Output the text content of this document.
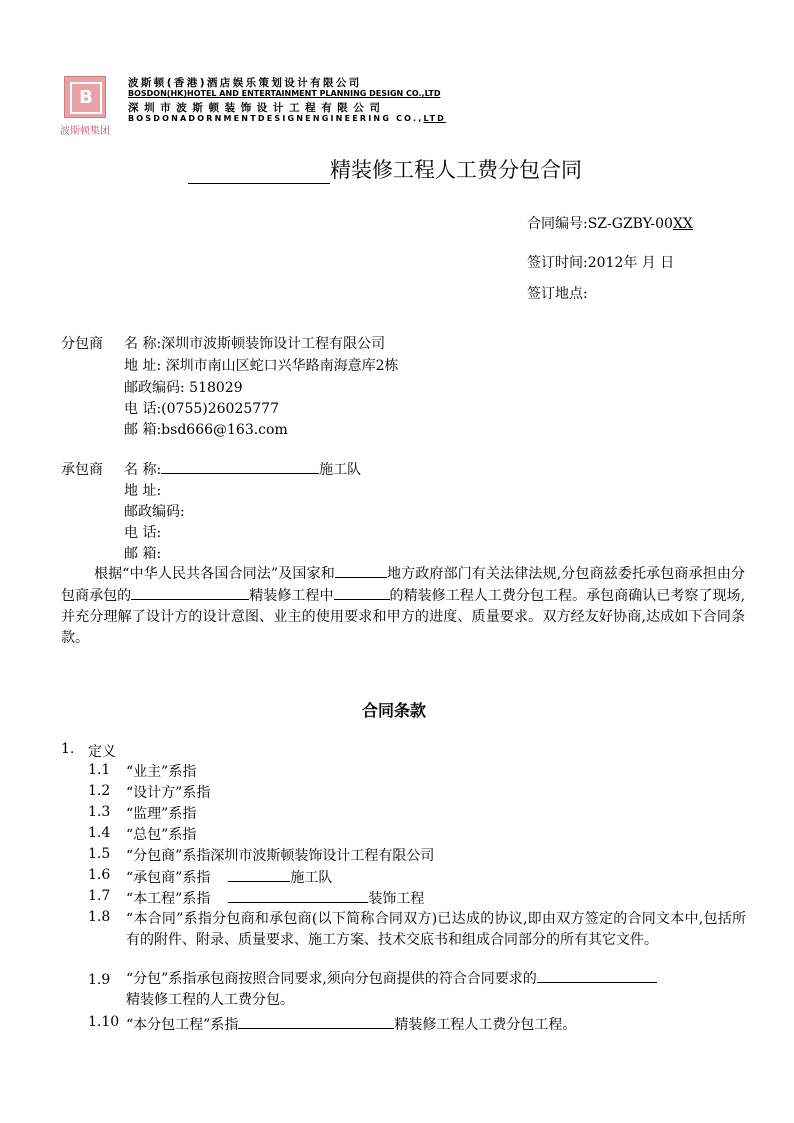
B
波斯顿集团
波斯顿(香港)酒店娱乐策划设计有限公司
BOSDON(HK)HOTEL AND ENTERTAINMENT PLANNING DESIGN CO.,LTD
深圳市波斯顿装饰设计工程有限公司
BOSDONADORNMENTDESIGNENGINEERING CO.,LTD
精装修工程人工费分包合同
合同编号:SZ-GZBY-00XX
签订时间:2012年 月 日
签订地点:
分包商 名 称:深圳市波斯顿装饰设计工程有限公司
地 址: 深圳市南山区蛇口兴华路南海意库2栋
邮政编码: 518029
电 话:(0755)26025777
邮 箱:bsd666@163.com
承包商 名 称:	施工队
地 址:
邮政编码:
电 话:
邮 箱:
根据“中华人民共各国合同法”及国家和	地方政府部门有关法律法规,分包商兹委托承包商承担由分包商承包的	精装修工程中	的精装修工程人工费分包工程。承包商确认已考察了现场,并充分理解了设计方的设计意图、业主的使用要求和甲方的进度、质量要求。双方经友好协商,达成如下合同条款。
合同条款
1. 定义
1.1 “业主”系指
1.2 “设计方”系指
1.3 “监理”系指
1.4 “总包”系指
1.5 “分包商”系指深圳市波斯顿装饰设计工程有限公司
1.6 “承包商”系指	施工队
1.7 “本工程”系指	装饰工程
1.8 “本合同”系指分包商和承包商(以下简称合同双方)已达成的协议,即由双方签定的合同文本中,包括所有的附件、附录、质量要求、施工方案、技术交底书和组成合同部分的所有其它文件。
1.9 “分包”系指承包商按照合同要求,须向分包商提供的符合合同要求的
精装修工程的人工费分包。
1.10 “本分包工程”系指	精装修工程人工费分包工程。
